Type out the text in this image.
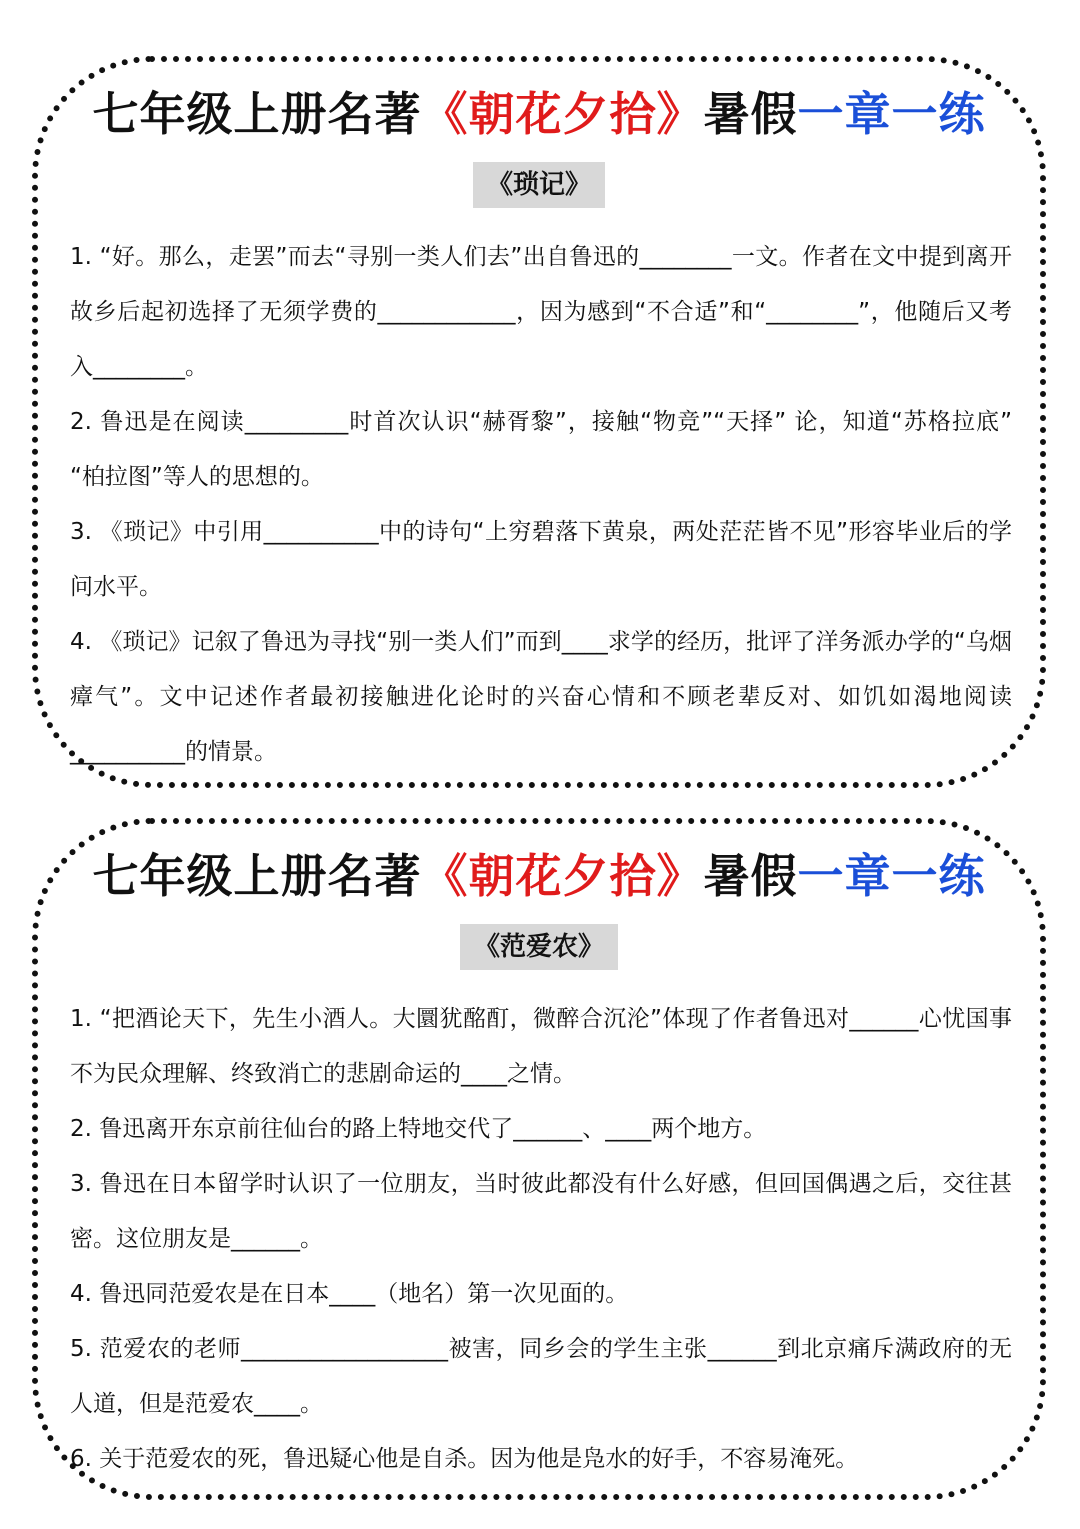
七年级上册名著《朝花夕拾》暑假一章一练
《琐记》

1. “好。那么，走罢”而去“寻别一类人们去”出自鲁迅的________一文。作者在文中提到离开故乡后起初选择了无须学费的____________，因为感到“不合适”和“________”，他随后又考入________。

2. 鲁迅是在阅读_________时首次认识“赫胥黎”，接触“物竞”“天择” 论，知道“苏格拉底” “柏拉图”等人的思想的。

3. 《琐记》中引用__________中的诗句“上穷碧落下黄泉，两处茫茫皆不见”形容毕业后的学问水平。

4. 《琐记》记叙了鲁迅为寻找“别一类人们”而到____求学的经历，批评了洋务派办学的“乌烟瘴气”。文中记述作者最初接触进化论时的兴奋心情和不顾老辈反对、如饥如渴地阅读__________的情景。

七年级上册名著《朝花夕拾》暑假一章一练
《范爱农》

1. “把酒论天下，先生小酒人。大圜犹酩酊，微醉合沉沦”体现了作者鲁迅对______心忧国事不为民众理解、终致消亡的悲剧命运的____之情。

2. 鲁迅离开东京前往仙台的路上特地交代了______、____两个地方。

3. 鲁迅在日本留学时认识了一位朋友，当时彼此都没有什么好感，但回国偶遇之后，交往甚密。这位朋友是______。

4. 鲁迅同范爱农是在日本____（地名）第一次见面的。

5. 范爱农的老师__________________被害，同乡会的学生主张______到北京痛斥满政府的无人道，但是范爱农____。

6. 关于范爱农的死，鲁迅疑心他是自杀。因为他是凫水的好手，不容易淹死。
